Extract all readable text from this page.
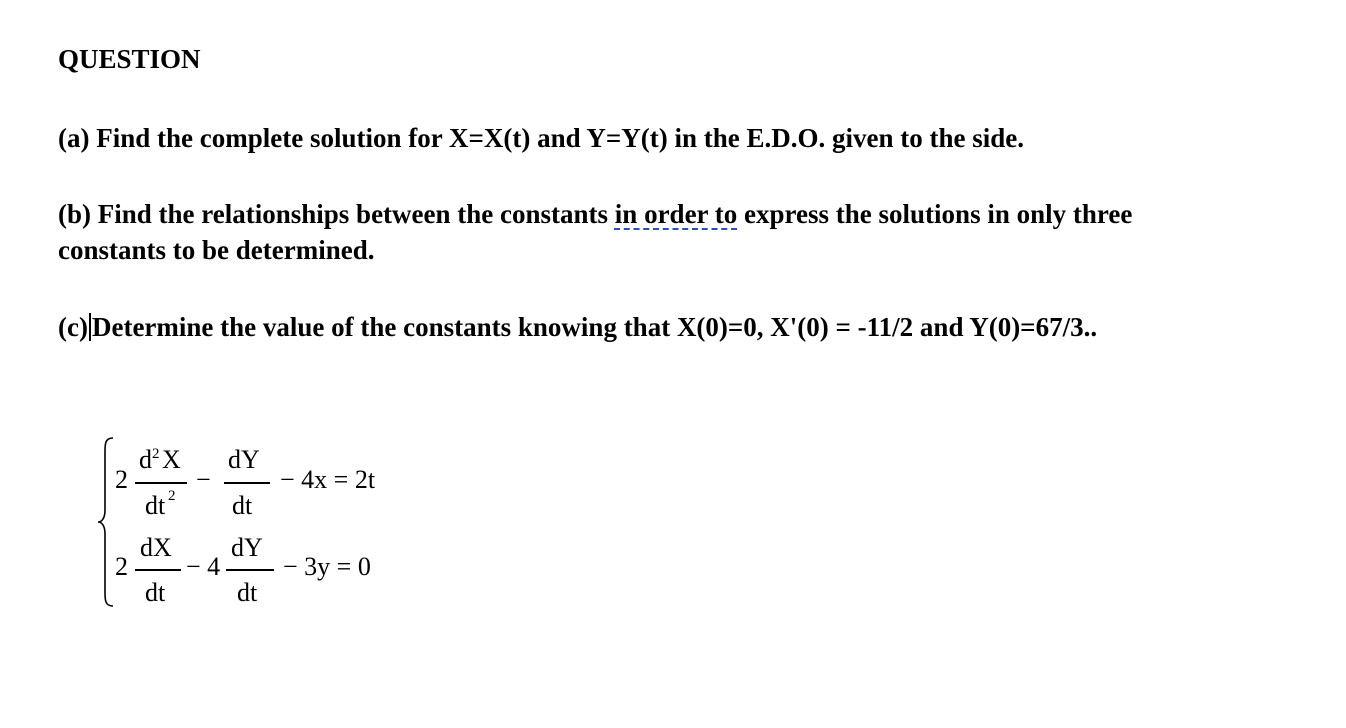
QUESTION
(a) Find the complete solution for X=X(t) and Y=Y(t) in the E.D.O. given to the side.
(b) Find the relationships between the constants in order to express the solutions in only three
constants to be determined.
(c) Determine the value of the constants knowing that X(0)=0, X'(0) = -11/2 and Y(0)=67/3..
2
d 2 X
dt 2
−
dY
dt
− 4x = 2t
2
dX
dt
− 4
dY
dt
− 3y = 0
